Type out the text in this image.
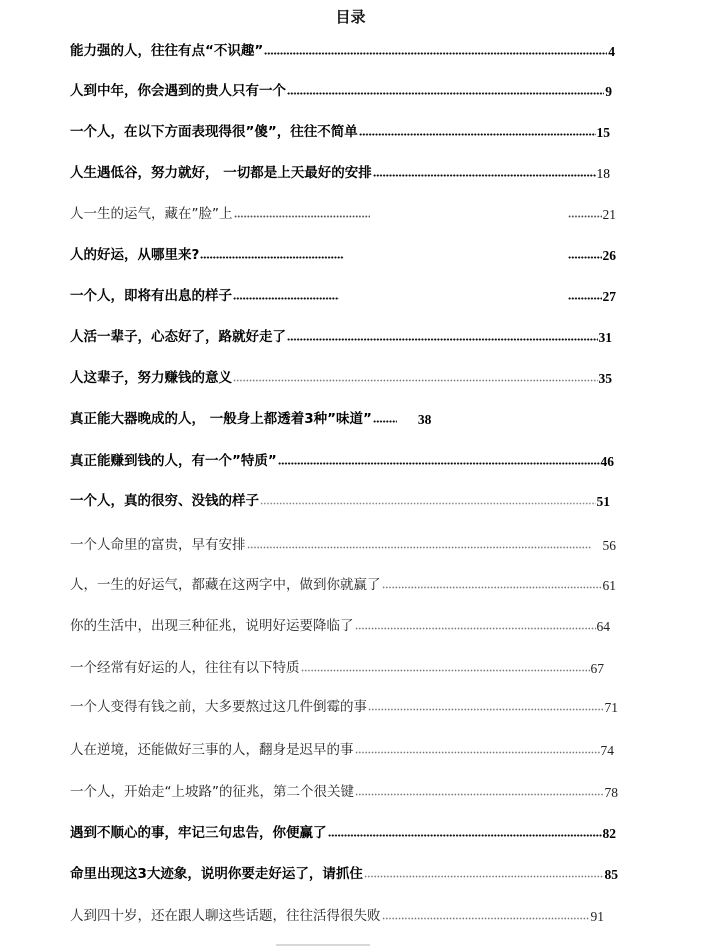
目录
能力强的人，往往有点“不识趣”	4
人到中年，你会遇到的贵人只有一个	9
一个人，在以下方面表现得很”傻”，往往不简单	15
人生遇低谷，努力就好， 一切都是上天最好的安排	18
人一生的运气，藏在”脸”上	21
人的好运，从哪里来?	26
一个人，即将有出息的样子	27
人活一辈子，心态好了，路就好走了	31
人这辈子，努力赚钱的意义	35
真正能大器晚成的人， 一般身上都透着3种”味道”	38
真正能赚到钱的人，有一个”特质”	46
一个人，真的很穷、没钱的样子	51
一个人命里的富贵，早有安排	56
人，一生的好运气，都藏在这两字中，做到你就赢了	61
你的生活中，出现三种征兆，说明好运要降临了	64
一个经常有好运的人，往往有以下特质	67
一个人变得有钱之前，大多要熬过这几件倒霉的事	71
人在逆境，还能做好三事的人，翻身是迟早的事	74
一个人，开始走“上坡路”的征兆，第二个很关键	78
遇到不顺心的事，牢记三句忠告，你便赢了	82
命里出现这3大迹象，说明你要走好运了，请抓住	85
人到四十岁，还在跟人聊这些话题，往往活得很失败	91
